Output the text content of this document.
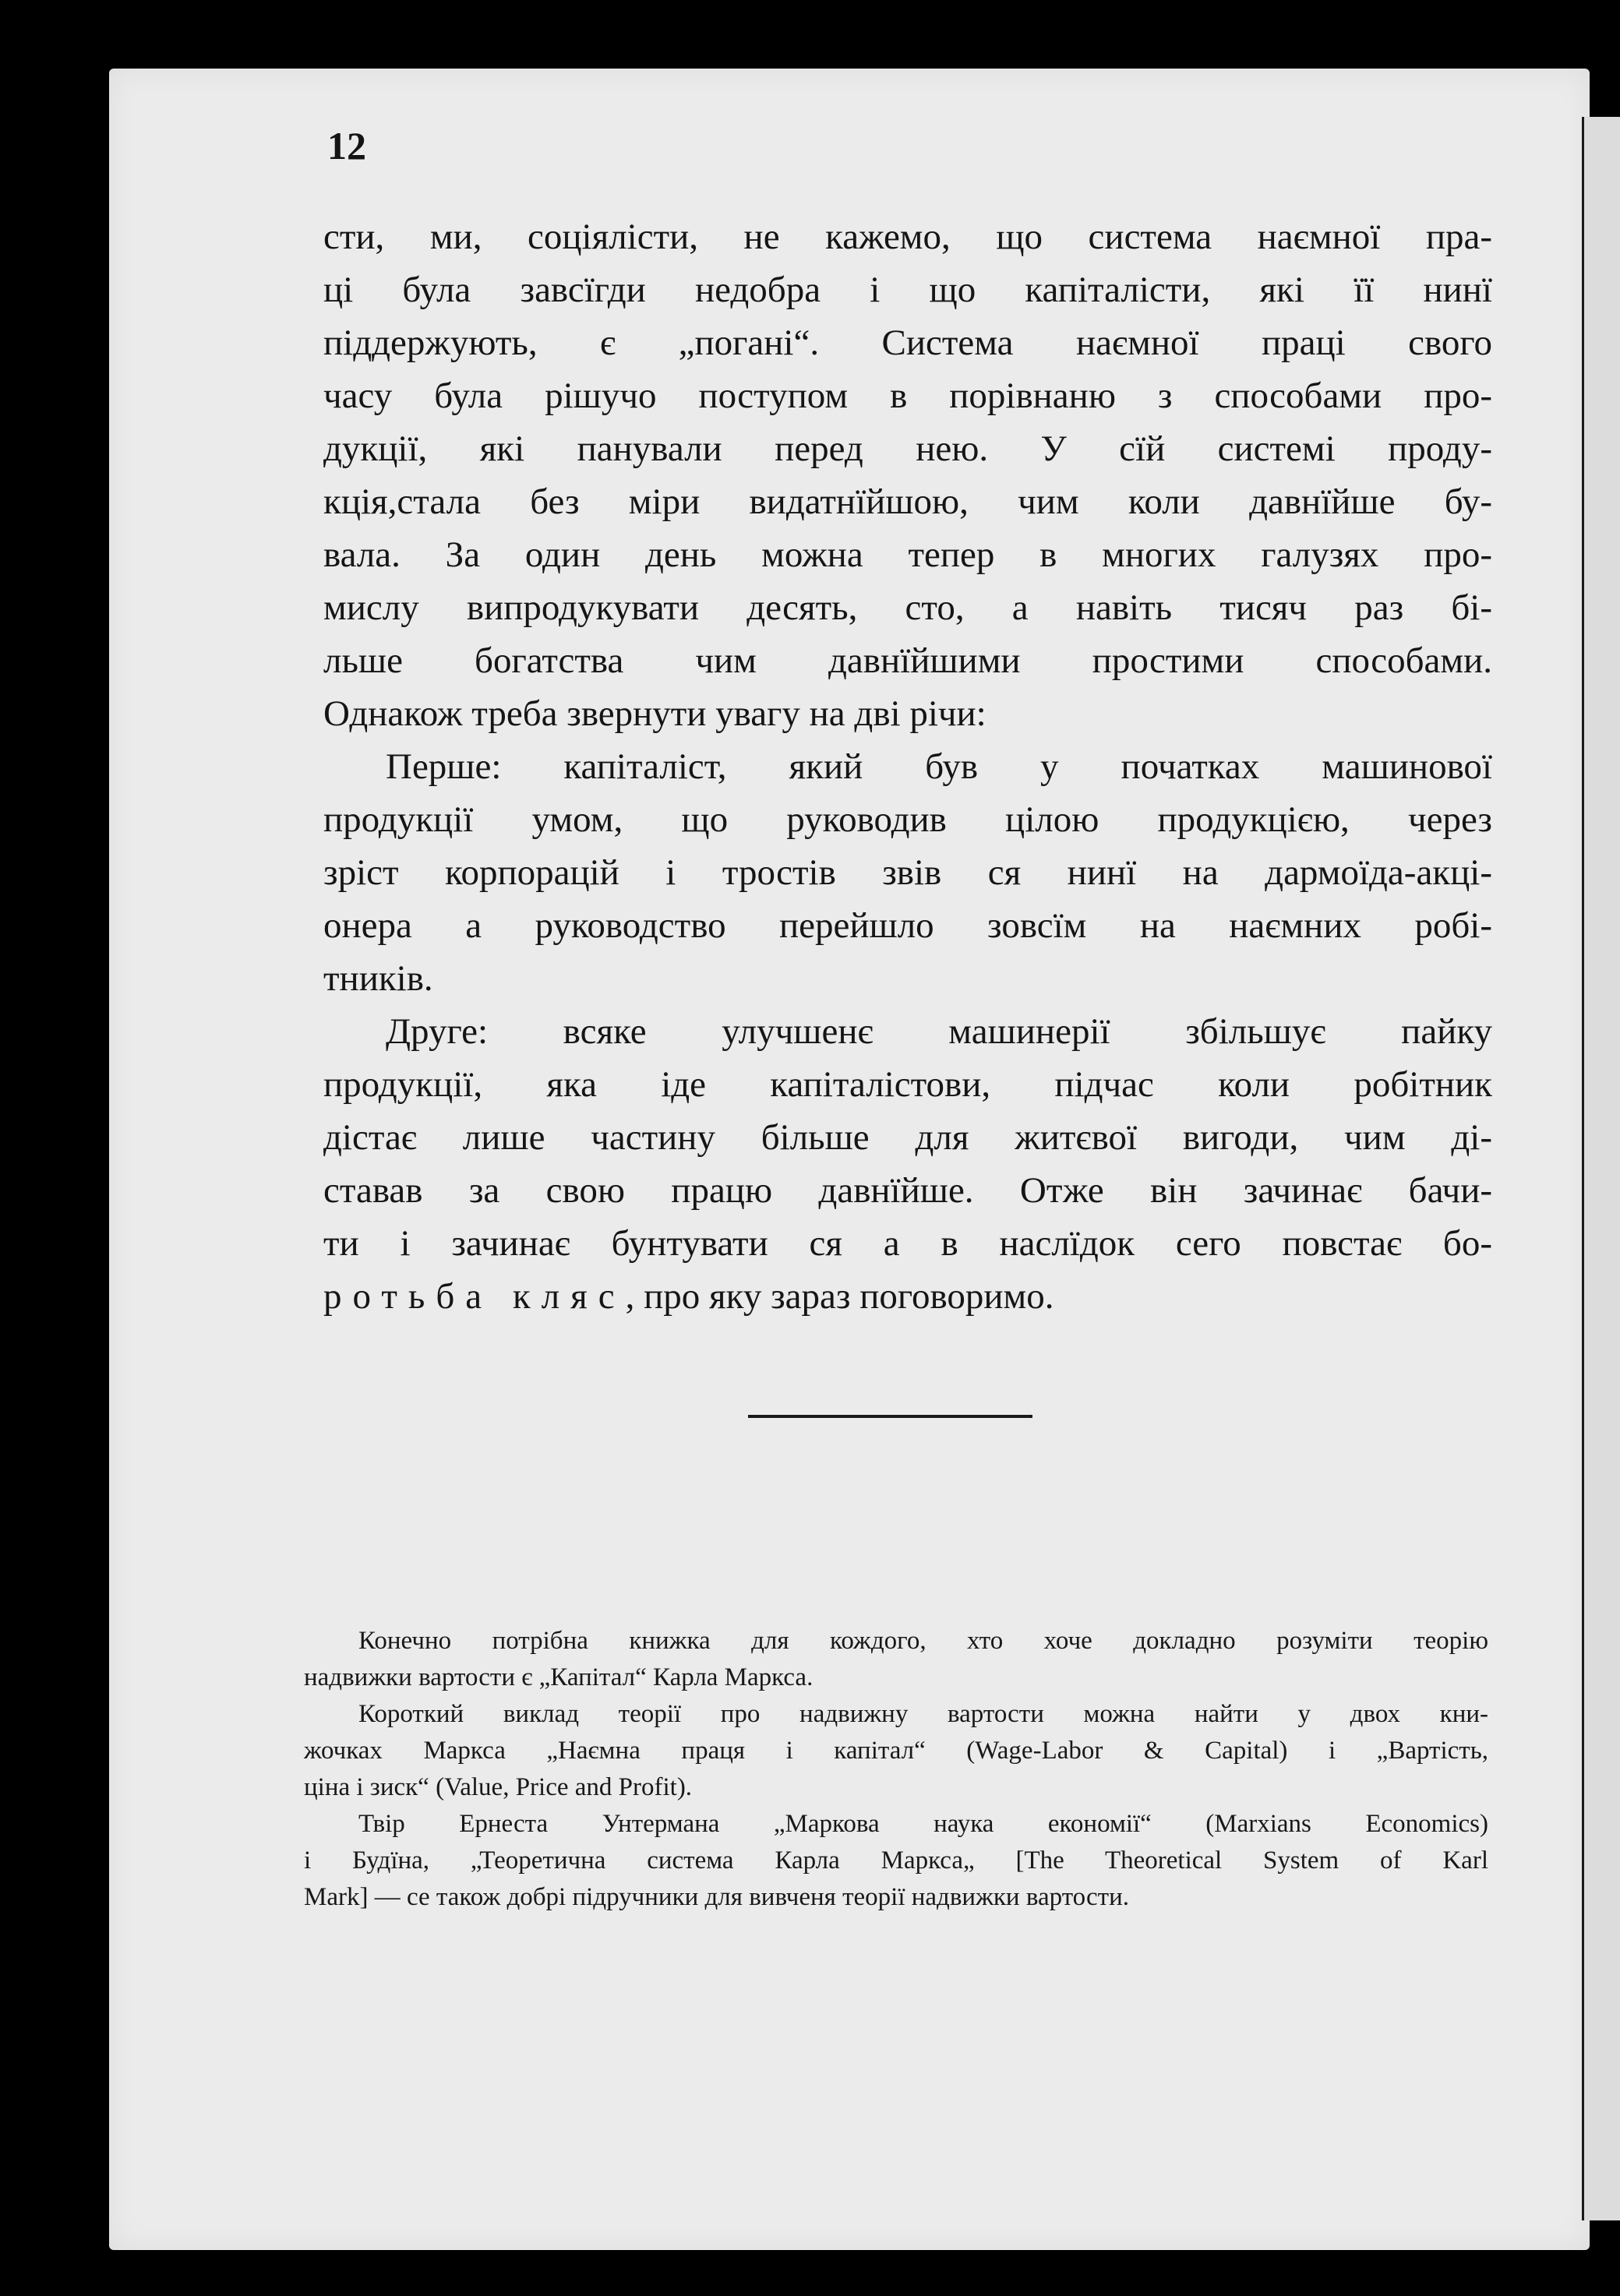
12
сти, ми, соціялісти, не кажемо, що система наємної пра-
ці була завсїгди недобра і що капіталісти, які її нинї
піддержують, є „погані“. Система наємної праці свого
часу була рішучо поступом в порівнаню з способами про-
дукції, які панували перед нею. У сїй системі проду-
кція,стала без міри видатнїйшою, чим коли давнїйше бу-
вала. За один день можна тепер в многих галузях про-
мислу випродукувати десять, сто, а навіть тисяч раз бі-
льше богатства чим давнїйшими простими способами.
Однакож треба звернути увагу на дві річи:
Перше: капіталіст, який був у початках машинової
продукції умом, що руководив цілою продукцією, через
зріст корпорацій і тростів звів ся нинї на дармоїда-акці-
онера а руководство перейшло зовсїм на наємних робі-
тників.
Друге: всяке улучшенє машинерії збільшує пайку
продукції, яка іде капіталістови, підчас коли робітник
дістає лише частину більше для житєвої вигоди, чим ді-
ставав за свою працю давнїйше. Отже він зачинає бачи-
ти і зачинає бунтувати ся а в наслїдок сего повстає бо-
ротьба кляс, про яку зараз поговоримо.
Конечно потрібна книжка для кождого, хто хоче докладно розуміти теорію
надвижки вартости є „Капітал“ Карла Маркса.
Короткий виклад теорії про надвижну вартости можна найти у двох кни-
жочках Маркса „Наємна праця і капітал“ (Wage-Labor & Capital) і „Вартість,
ціна і зиск“ (Value, Price and Profit).
Твір Ернеста Унтермана „Маркова наука економії“ (Marxians Economics)
і Будїна, „Теоретична система Карла Маркса„ [The Theoretical System of Karl
Mark] — се також добрі підручники для вивченя теорії надвижки вартости.
